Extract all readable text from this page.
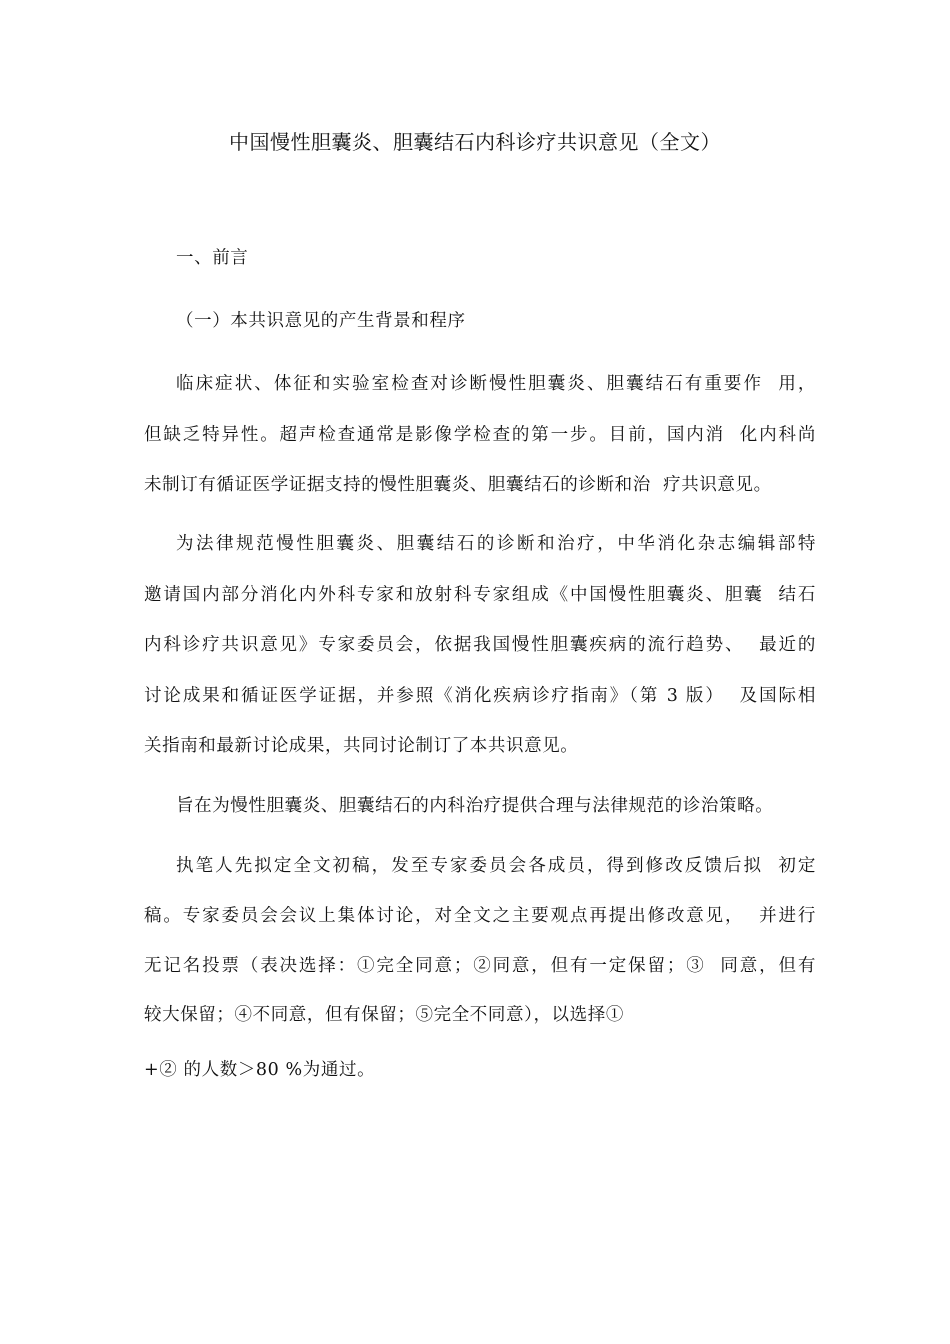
中国慢性胆囊炎、胆囊结石内科诊疗共识意见（全文）
一、前言
（一）本共识意见的产生背景和程序
临床症状、体征和实验室检查对诊断慢性胆囊炎、胆囊结石有重要作  用，
但缺乏特异性。超声检查通常是影像学检查的第一步。目前，国内消  化内科尚
未制订有循证医学证据支持的慢性胆囊炎、胆囊结石的诊断和治  疗共识意见。
为法律规范慢性胆囊炎、胆囊结石的诊断和治疗，中华消化杂志编辑部特
邀请国内部分消化内外科专家和放射科专家组成《中国慢性胆囊炎、胆囊  结石
内科诊疗共识意见》专家委员会，依据我国慢性胆囊疾病的流行趋势、  最近的
讨论成果和循证医学证据，并参照《消化疾病诊疗指南》（第 3 版）  及国际相
关指南和最新讨论成果，共同讨论制订了本共识意见。
旨在为慢性胆囊炎、胆囊结石的内科治疗提供合理与法律规范的诊治策略。
执笔人先拟定全文初稿，发至专家委员会各成员，得到修改反馈后拟  初定
稿。专家委员会会议上集体讨论，对全文之主要观点再提出修改意见，  并进行
无记名投票（表决选择：①完全同意；②同意，但有一定保留；③  同意，但有
较大保留；④不同意，但有保留；⑤完全不同意），以选择①
+② 的人数＞80 %为通过。
